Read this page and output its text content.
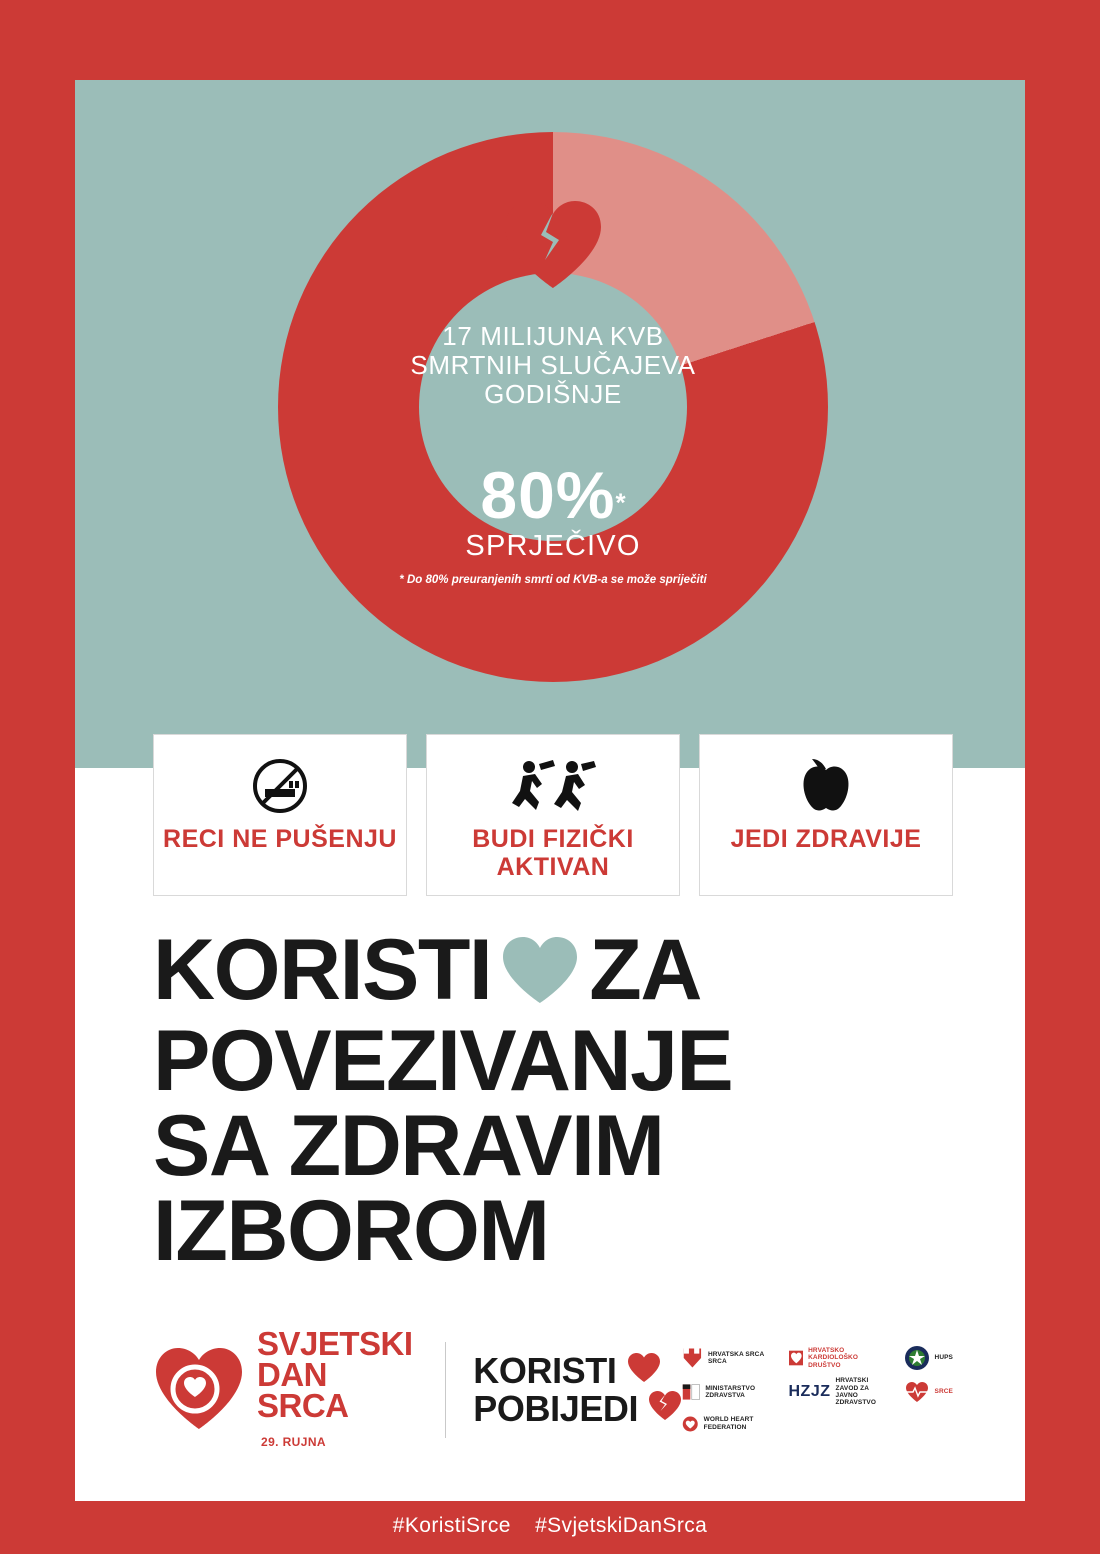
17 MILIJUNA KVB SMRTNIH SLUČAJEVA GODIŠNJE
80%*
SPRJEČIVO
* Do 80% preuranjenih smrti od KVB-a se može spriječiti
RECI NE PUŠENJU	BUDI FIZIČKI AKTIVAN
JEDI ZDRAVIJE
KORISTI ZA
POVEZIVANJE
SA ZDRAVIM
IZBOROM
SVJETSKI
DAN
SRCA29. RUJNA
KORISTI
POBIJEDI
HRVATSKA SRCA SRCA
HRVATSKO KARDIOLOŠKO DRUŠTVO
HUPS
MINISTARSTVO ZDRAVSTVA	HZJZ
HRVATSKI ZAVOD ZA JAVNO ZDRAVSTVO
SRCE
WORLD HEART FEDERATION
#KoristiSrce #SvjetskiDanSrca
